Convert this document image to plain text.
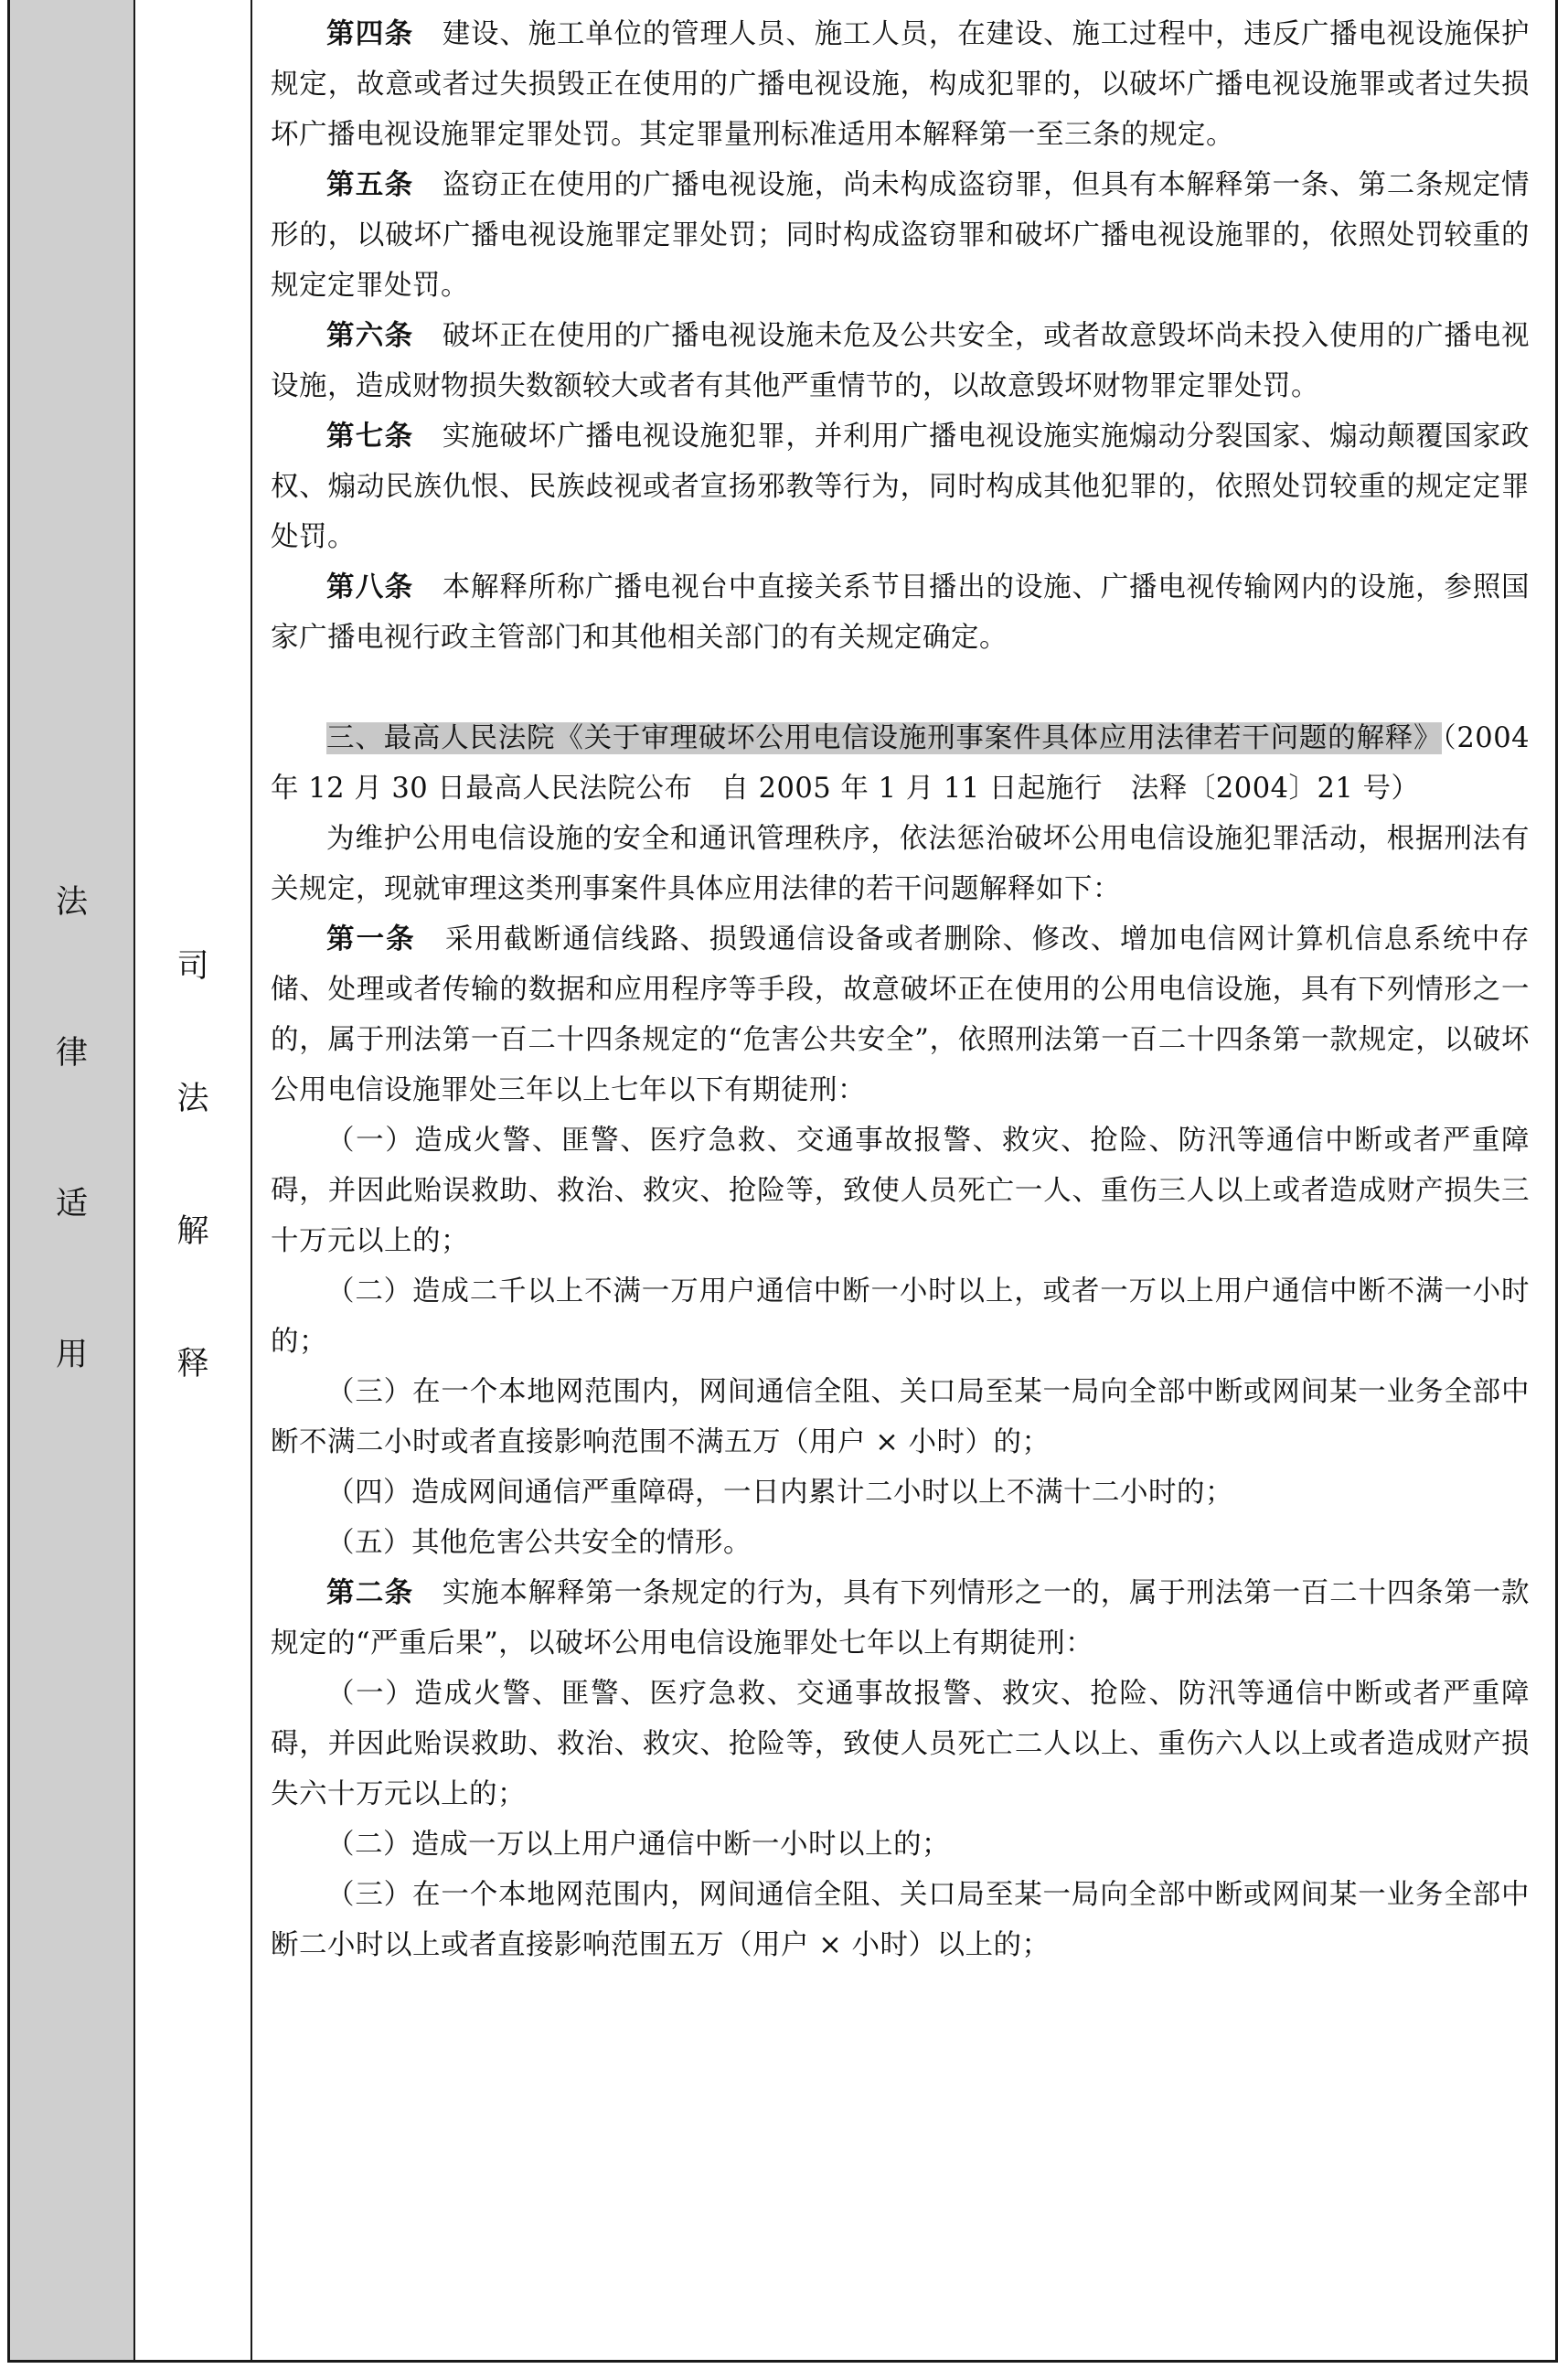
法
律
适
用
司
法
解
释

第四条　 建设、施工单位的管理人员、施工人员，在建设、施工过程中，违反广播电视设施保护规定，故意或者过失损毁正在使用的广播电视设施，构成犯罪的，以破坏广播电视设施罪或者过失损坏广播电视设施罪定罪处罚。其定罪量刑标准适用本解释第一至三条的规定。

第五条　 盗窃正在使用的广播电视设施，尚未构成盗窃罪，但具有本解释第一条、第二条规定情形的，以破坏广播电视设施罪定罪处罚；同时构成盗窃罪和破坏广播电视设施罪的，依照处罚较重的规定定罪处罚。

第六条　 破坏正在使用的广播电视设施未危及公共安全，或者故意毁坏尚未投入使用的广播电视设施，造成财物损失数额较大或者有其他严重情节的，以故意毁坏财物罪定罪处罚。

第七条　 实施破坏广播电视设施犯罪，并利用广播电视设施实施煽动分裂国家、煽动颠覆国家政权、煽动民族仇恨、民族歧视或者宣扬邪教等行为，同时构成其他犯罪的，依照处罚较重的规定定罪处罚。

第八条　 本解释所称广播电视台中直接关系节目播出的设施、广播电视传输网内的设施，参照国家广播电视行政主管部门和其他相关部门的有关规定确定。

三、最高人民法院《关于审理破坏公用电信设施刑事案件具体应用法律若干问题的解释》（2004 年 12 月 30 日最高人民法院公布　自 2005 年 1 月 11 日起施行　法释〔2004〕21 号）

为维护公用电信设施的安全和通讯管理秩序，依法惩治破坏公用电信设施犯罪活动，根据刑法有关规定，现就审理这类刑事案件具体应用法律的若干问题解释如下：

第一条　 采用截断通信线路、损毁通信设备或者删除、修改、增加电信网计算机信息系统中存储、处理或者传输的数据和应用程序等手段，故意破坏正在使用的公用电信设施，具有下列情形之一的，属于刑法第一百二十四条规定的“危害公共安全”，依照刑法第一百二十四条第一款规定，以破坏公用电信设施罪处三年以上七年以下有期徒刑：

（一）造成火警、匪警、医疗急救、交通事故报警、救灾、抢险、防汛等通信中断或者严重障碍，并因此贻误救助、救治、救灾、抢险等，致使人员死亡一人、重伤三人以上或者造成财产损失三十万元以上的；

（二）造成二千以上不满一万用户通信中断一小时以上，或者一万以上用户通信中断不满一小时的；

（三）在一个本地网范围内，网间通信全阻、关口局至某一局向全部中断或网间某一业务全部中断不满二小时或者直接影响范围不满五万（用户 × 小时）的；

（四）造成网间通信严重障碍，一日内累计二小时以上不满十二小时的；

（五）其他危害公共安全的情形。

第二条　 实施本解释第一条规定的行为，具有下列情形之一的，属于刑法第一百二十四条第一款规定的“严重后果”，以破坏公用电信设施罪处七年以上有期徒刑：

（一）造成火警、匪警、医疗急救、交通事故报警、救灾、抢险、防汛等通信中断或者严重障碍，并因此贻误救助、救治、救灾、抢险等，致使人员死亡二人以上、重伤六人以上或者造成财产损失六十万元以上的；

（二）造成一万以上用户通信中断一小时以上的；

（三）在一个本地网范围内，网间通信全阻、关口局至某一局向全部中断或网间某一业务全部中断二小时以上或者直接影响范围五万（用户 × 小时）以上的；
